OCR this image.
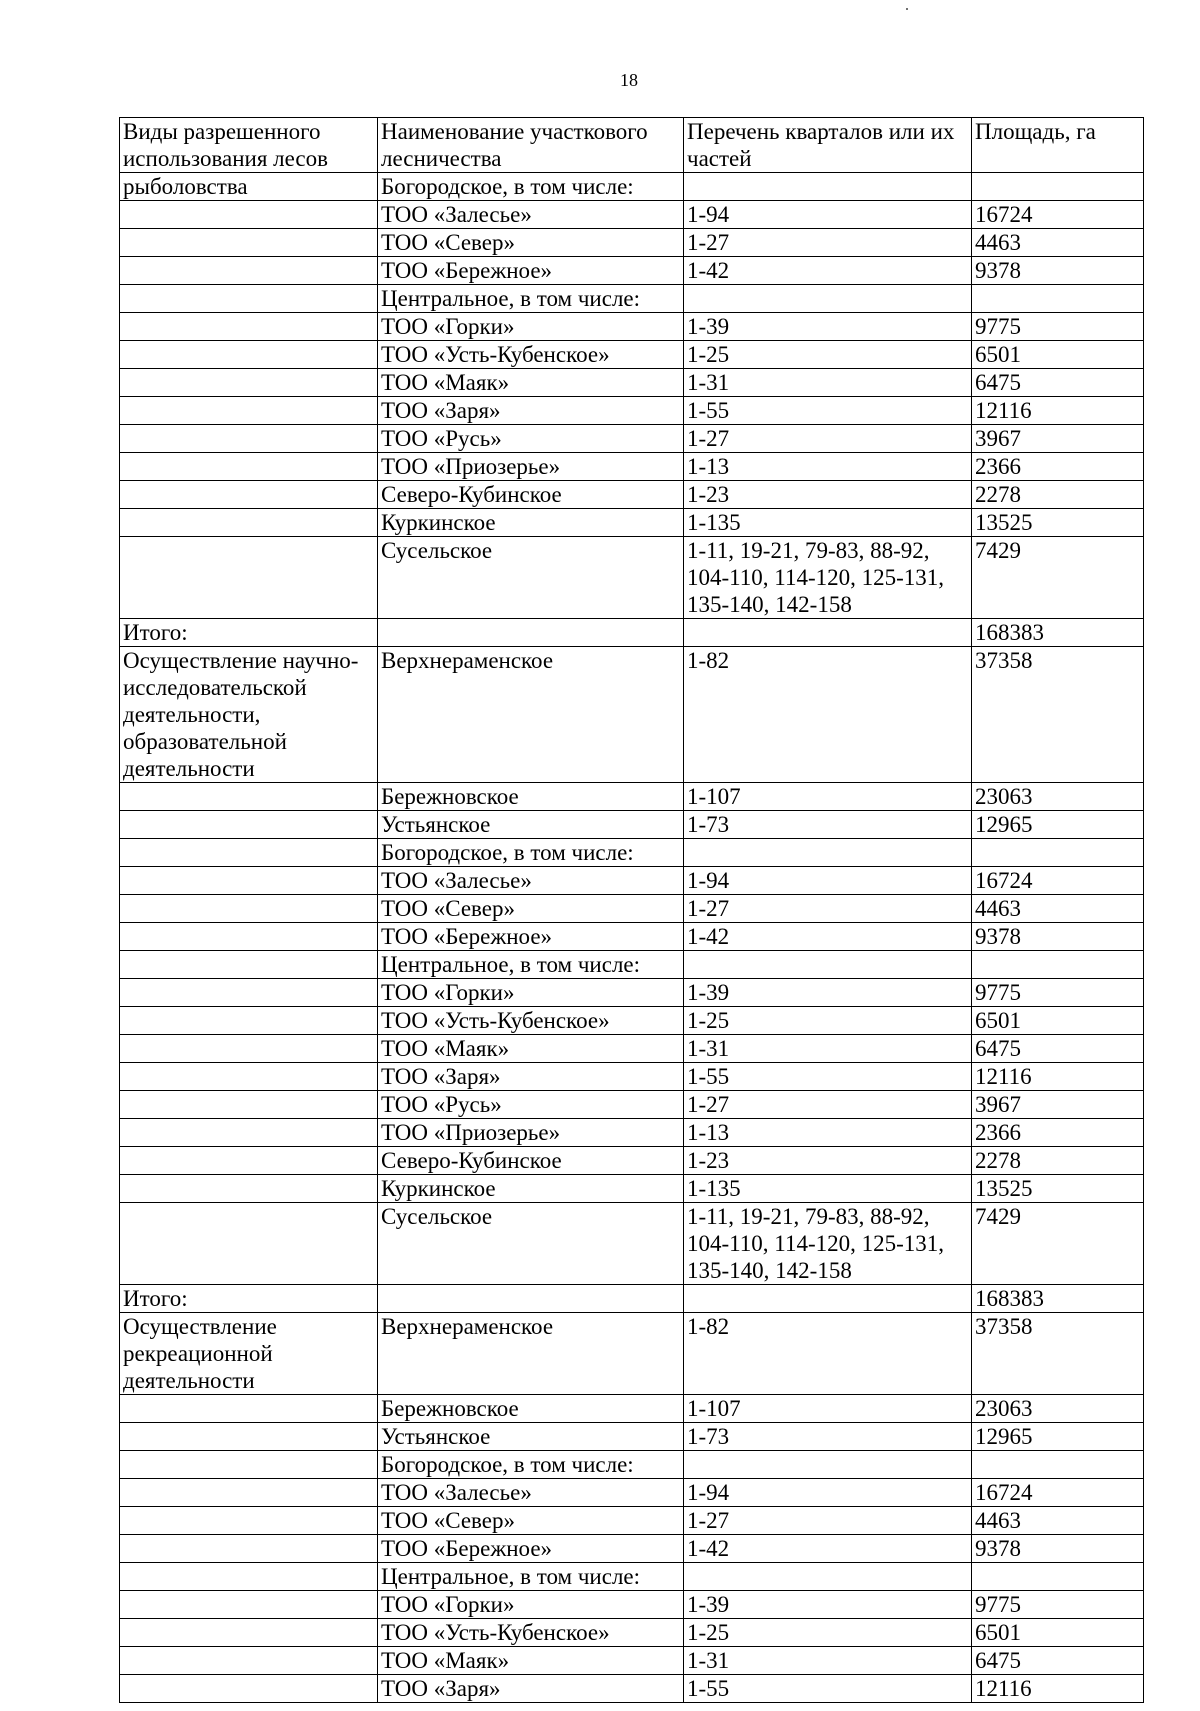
18
Виды разрешенного использования лесов	Наименование участкового лесничества	Перечень кварталов или их частей	Площадь, га
рыболовства	Богородское, в том числе:		
	ТОО «Залесье»	1-94	16724
	ТОО «Север»	1-27	4463
	ТОО «Бережное»	1-42	9378
	Центральное, в том числе:		
	ТОО «Горки»	1-39	9775
	ТОО «Усть-Кубенское»	1-25	6501
	ТОО «Маяк»	1-31	6475
	ТОО «Заря»	1-55	12116
	ТОО «Русь»	1-27	3967
	ТОО «Приозерье»	1-13	2366
	Северо-Кубинское	1-23	2278
	Куркинское	1-135	13525
	Сусельское	1-11, 19-21, 79-83, 88-92, 104-110, 114-120, 125-131, 135-140, 142-158	7429
Итого:			168383
Осуществление научно-исследовательской деятельности, образовательной деятельности	Верхнераменское	1-82	37358
	Бережновское	1-107	23063
	Устьянское	1-73	12965
	Богородское, в том числе:		
	ТОО «Залесье»	1-94	16724
	ТОО «Север»	1-27	4463
	ТОО «Бережное»	1-42	9378
	Центральное, в том числе:		
	ТОО «Горки»	1-39	9775
	ТОО «Усть-Кубенское»	1-25	6501
	ТОО «Маяк»	1-31	6475
	ТОО «Заря»	1-55	12116
	ТОО «Русь»	1-27	3967
	ТОО «Приозерье»	1-13	2366
	Северо-Кубинское	1-23	2278
	Куркинское	1-135	13525
	Сусельское	1-11, 19-21, 79-83, 88-92, 104-110, 114-120, 125-131, 135-140, 142-158	7429
Итого:			168383
Осуществление рекреационной деятельности	Верхнераменское	1-82	37358
	Бережновское	1-107	23063
	Устьянское	1-73	12965
	Богородское, в том числе:		
	ТОО «Залесье»	1-94	16724
	ТОО «Север»	1-27	4463
	ТОО «Бережное»	1-42	9378
	Центральное, в том числе:		
	ТОО «Горки»	1-39	9775
	ТОО «Усть-Кубенское»	1-25	6501
	ТОО «Маяк»	1-31	6475
	ТОО «Заря»	1-55	12116
